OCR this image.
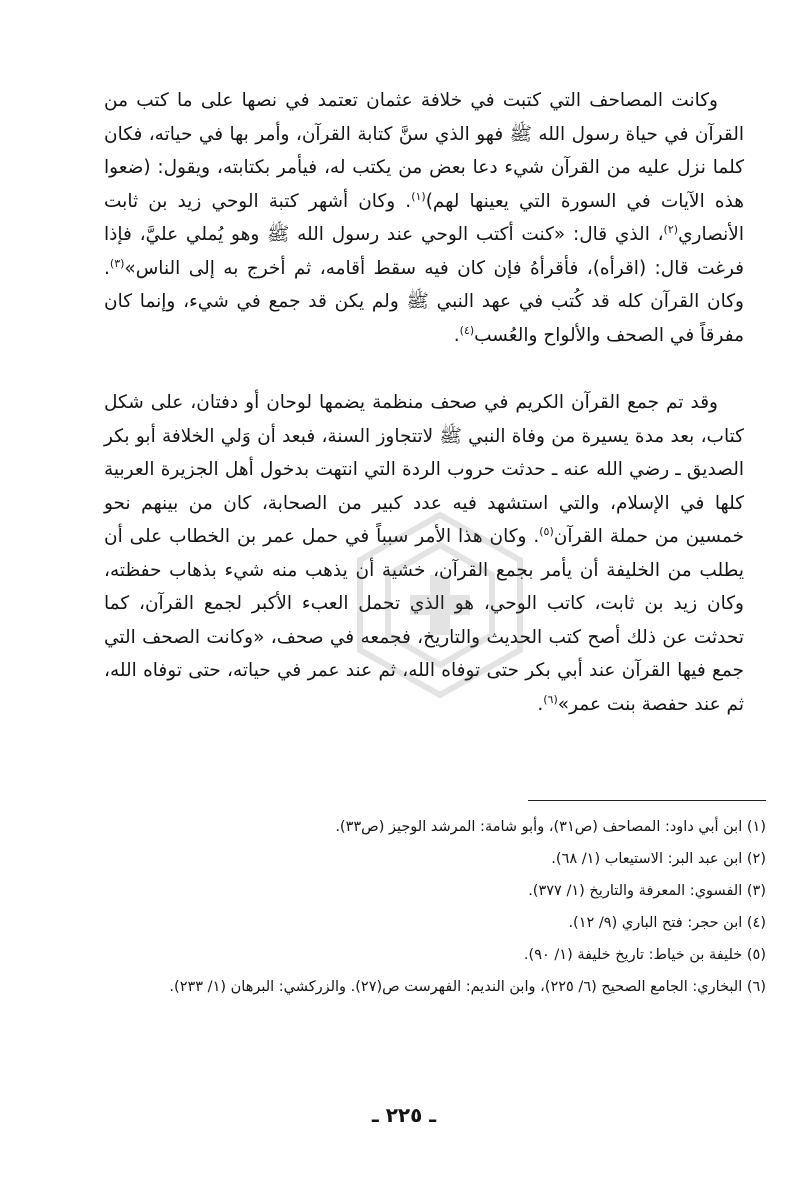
وكانت المصاحف التي كتبت في خلافة عثمان تعتمد في نصها على ما كتب من القرآن في حياة رسول الله ﷺ فهو الذي سنَّ كتابة القرآن، وأمر بها في حياته، فكان كلما نزل عليه من القرآن شيء دعا بعض من يكتب له، فيأمر بكتابته، ويقول: (ضعوا هذه الآيات في السورة التي يعينها لهم)$^{(١)}$. وكان أشهر كتبة الوحي زيد بن ثابت الأنصاري$^{(٢)}$، الذي قال: «كنت أكتب الوحي عند رسول الله ﷺ وهو يُملي عليَّ، فإذا فرغت قال: (اقرأه)، فأقرأهُ فإن كان فيه سقط أقامه، ثم أخرج به إلى الناس»$^{(٣)}$. وكان القرآن كله قد كُتب في عهد النبي ﷺ ولم يكن قد جمع في شيء، وإنما كان مفرقاً في الصحف والألواح والعُسب$^{(٤)}$.

وقد تم جمع القرآن الكريم في صحف منظمة يضمها لوحان أو دفتان، على شكل كتاب، بعد مدة يسيرة من وفاة النبي ﷺ لاتتجاوز السنة، فبعد أن وَلي الخلافة أبو بكر الصديق ـ رضي الله عنه ـ حدثت حروب الردة التي انتهت بدخول أهل الجزيرة العربية كلها في الإسلام، والتي استشهد فيه عدد كبير من الصحابة، كان من بينهم نحو خمسين من حملة القرآن$^{(٥)}$. وكان هذا الأمر سبباً في حمل عمر بن الخطاب على أن يطلب من الخليفة أن يأمر بجمع القرآن، خشية أن يذهب منه شيء بذهاب حفظته، وكان زيد بن ثابت، كاتب الوحي، هو الذي تحمل العبء الأكبر لجمع القرآن، كما تحدثت عن ذلك أصح كتب الحديث والتاريخ، فجمعه في صحف، «وكانت الصحف التي جمع فيها القرآن عند أبي بكر حتى توفاه الله، ثم عند عمر في حياته، حتى توفاه الله، ثم عند حفصة بنت عمر»$^{(٦)}$.

(١) ابن أبي داود: المصاحف (ص٣١)، وأبو شامة: المرشد الوجيز (ص٣٣).
(٢) ابن عبد البر: الاستيعاب (١/ ٦٨).
(٣) الفسوي: المعرفة والتاريخ (١/ ٣٧٧).
(٤) ابن حجر: فتح الباري (٩/ ١٢).
(٥) خليفة بن خياط: تاريخ خليفة (١/ ٩٠).
(٦) البخاري: الجامع الصحيح (٦/ ٢٢٥)، وابن النديم: الفهرست ص(٢٧). والزركشي: البرهان (١/ ٢٣٣).
ـ ٢٢٥ ـ
